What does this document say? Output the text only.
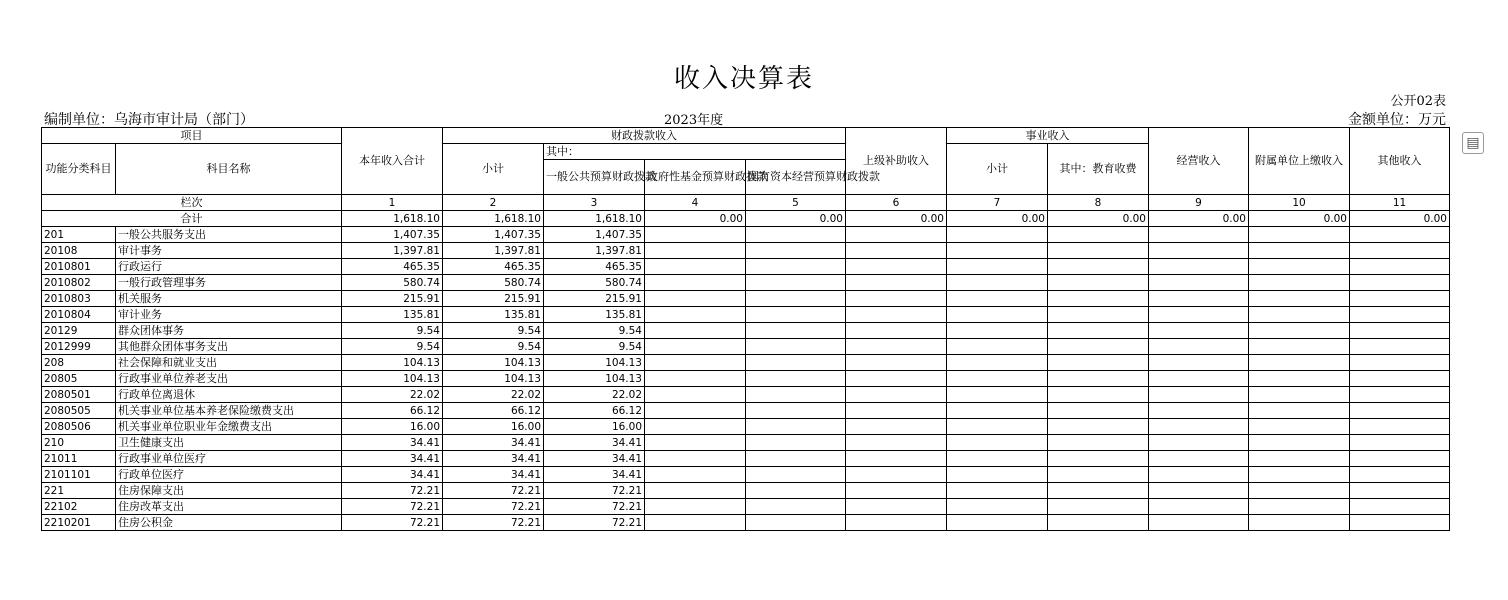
收入决算表
公开02表
编制单位：乌海市审计局（部门）	2023年度	金额单位：万元
▤
项目		本年收入合计	财政拨款收入				上级补助收入	事业收入		经营收入	附属单位上缴收入	其他收入
功能分类科目	科目名称		小计	其中：				小计	其中：教育收费			
				一般公共预算财政拨款	政府性基金预算财政拨款	国有资本经营预算财政拨款						
栏次		1	2	3	4	5	6	7	8	9	10	11
合计		1,618.10	1,618.10	1,618.10	0.00	0.00	0.00	0.00	0.00	0.00	0.00	0.00
201	一般公共服务支出	1,407.35	1,407.35	1,407.35								
20108	审计事务	1,397.81	1,397.81	1,397.81								
2010801	行政运行	465.35	465.35	465.35								
2010802	一般行政管理事务	580.74	580.74	580.74								
2010803	机关服务	215.91	215.91	215.91								
2010804	审计业务	135.81	135.81	135.81								
20129	群众团体事务	9.54	9.54	9.54								
2012999	其他群众团体事务支出	9.54	9.54	9.54								
208	社会保障和就业支出	104.13	104.13	104.13								
20805	行政事业单位养老支出	104.13	104.13	104.13								
2080501	行政单位离退休	22.02	22.02	22.02								
2080505	机关事业单位基本养老保险缴费支出	66.12	66.12	66.12								
2080506	机关事业单位职业年金缴费支出	16.00	16.00	16.00								
210	卫生健康支出	34.41	34.41	34.41								
21011	行政事业单位医疗	34.41	34.41	34.41								
2101101	行政单位医疗	34.41	34.41	34.41								
221	住房保障支出	72.21	72.21	72.21								
22102	住房改革支出	72.21	72.21	72.21								
2210201	住房公积金	72.21	72.21	72.21								
